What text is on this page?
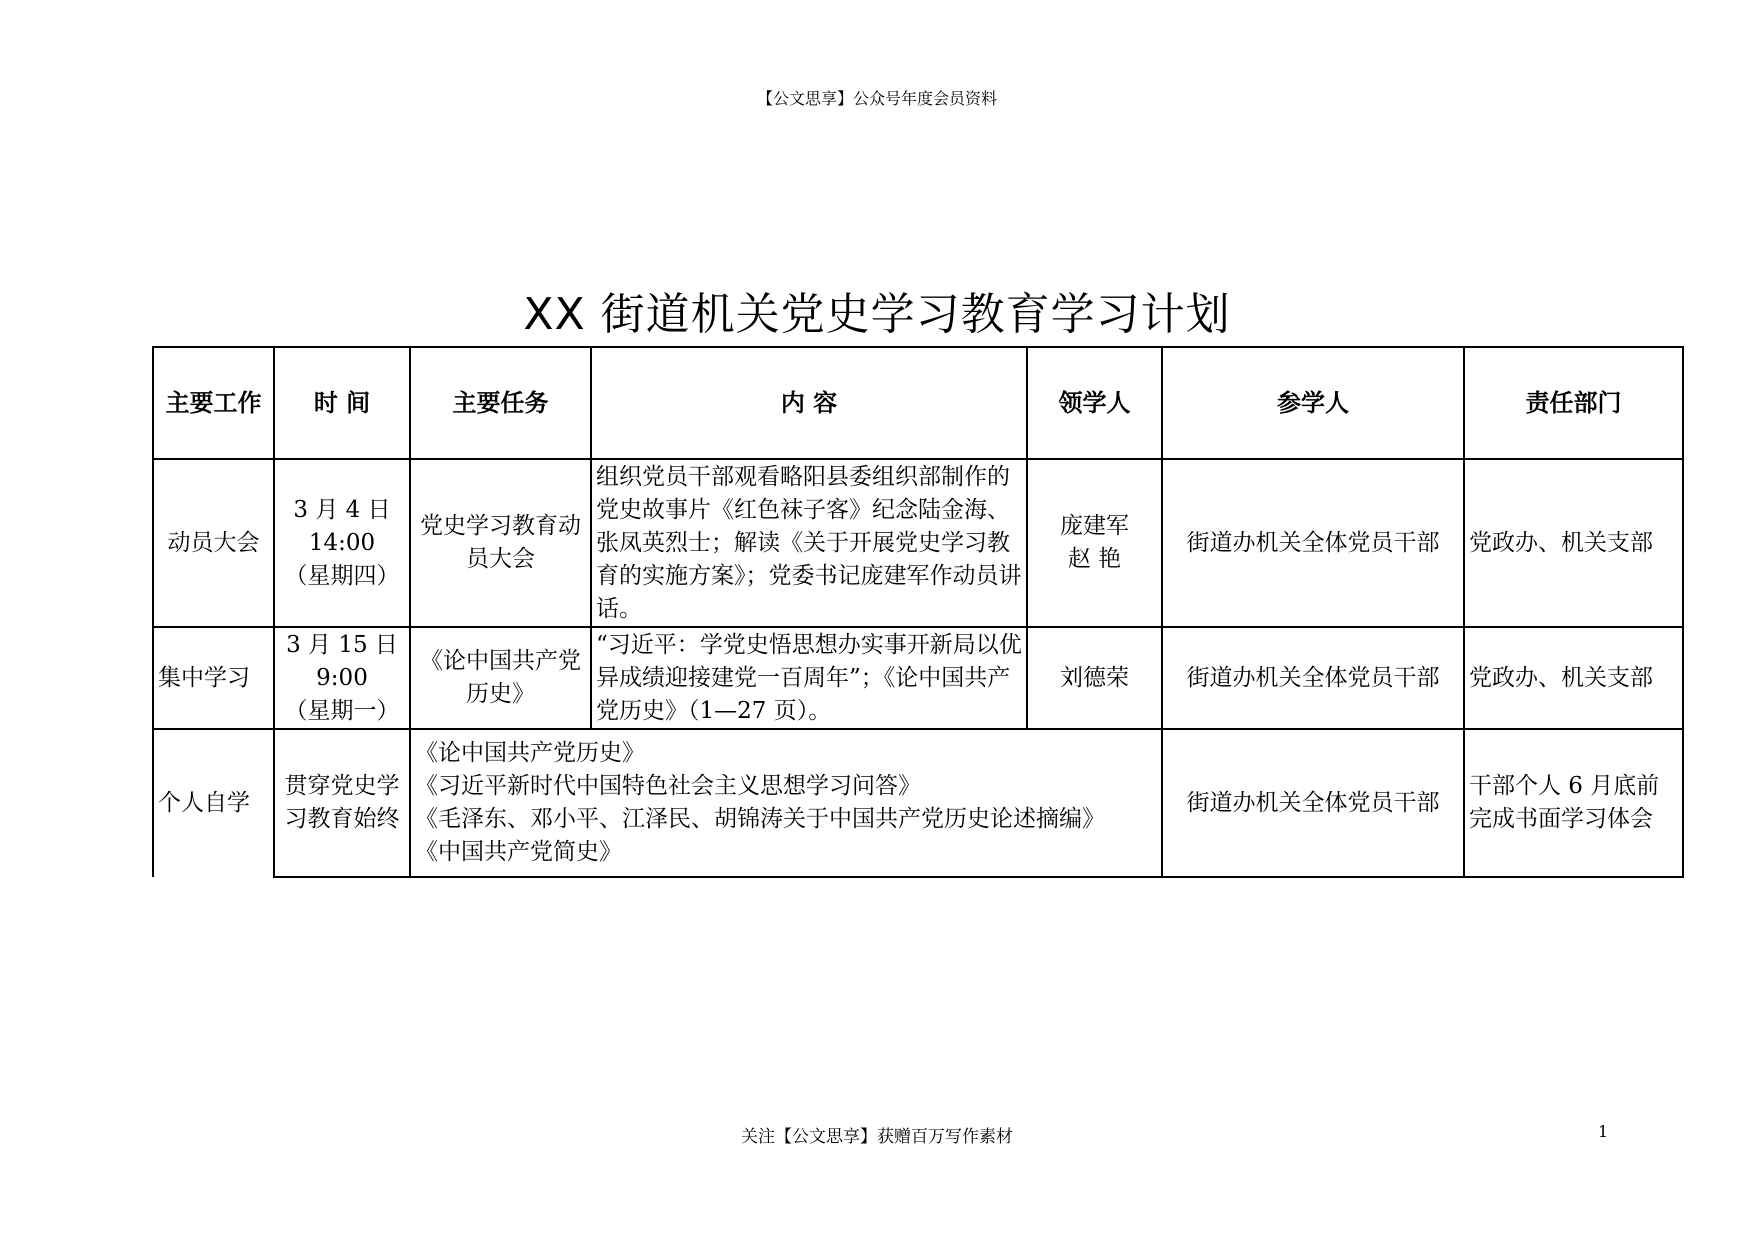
【公文思享】公众号年度会员资料
XX 街道机关党史学习教育学习计划
主要工作	时 间	主要任务	内 容	领学人	参学人	责任部门
动员大会	3 月 4 日
14:00
（星期四）	党史学习教育动员大会	组织党员干部观看略阳县委组织部制作的党史故事片《红色袜子客》纪念陆金海、张凤英烈士；解读《关于开展党史学习教育的实施方案》；党委书记庞建军作动员讲话。	庞建军
赵 艳	街道办机关全体党员干部	党政办、机关支部
集中学习	3 月 15 日
9:00
（星期一）	《论中国共产党历史》	“习近平：学党史悟思想办实事开新局以优异成绩迎接建党一百周年”；《论中国共产党历史》（1—27 页）。	刘德荣	街道办机关全体党员干部	党政办、机关支部
个人自学	贯穿党史学习教育始终	《论中国共产党历史》
《习近平新时代中国特色社会主义思想学习问答》
《毛泽东、邓小平、江泽民、胡锦涛关于中国共产党历史论述摘编》
《中国共产党简史》			街道办机关全体党员干部	干部个人 6 月底前完成书面学习体会
关注【公文思享】获赠百万写作素材	1
